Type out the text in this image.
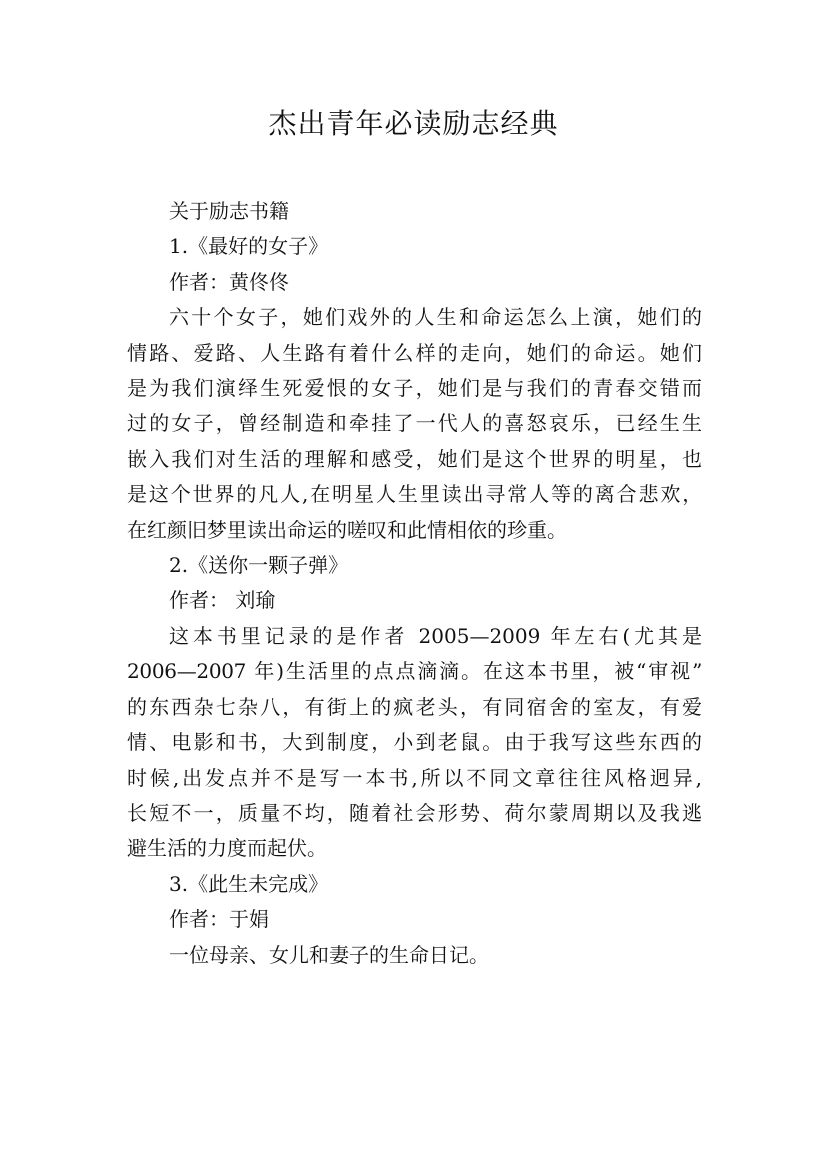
杰出青年必读励志经典

关于励志书籍

1.《最好的女子》

作者：黄佟佟

六十个女子，她们戏外的人生和命运怎么上演，她们的

情路、爱路、人生路有着什么样的走向，她们的命运。她们

是为我们演绎生死爱恨的女子，她们是与我们的青春交错而

过的女子，曾经制造和牵挂了一代人的喜怒哀乐，已经生生

嵌入我们对生活的理解和感受，她们是这个世界的明星，也

是这个世界的凡人,在明星人生里读出寻常人等的离合悲欢，

在红颜旧梦里读出命运的嗟叹和此情相依的珍重。

2.《送你一颗子弹》

作者： 刘瑜

这本书里记录的是作者 2005—2009 年左右(尤其是

2006—2007 年)生活里的点点滴滴。在这本书里，被“审视”

的东西杂七杂八，有街上的疯老头，有同宿舍的室友，有爱

情、电影和书，大到制度，小到老鼠。由于我写这些东西的

时候,出发点并不是写一本书,所以不同文章往往风格迥异,

长短不一，质量不均，随着社会形势、荷尔蒙周期以及我逃

避生活的力度而起伏。

3.《此生未完成》

作者：于娟

一位母亲、女儿和妻子的生命日记。
